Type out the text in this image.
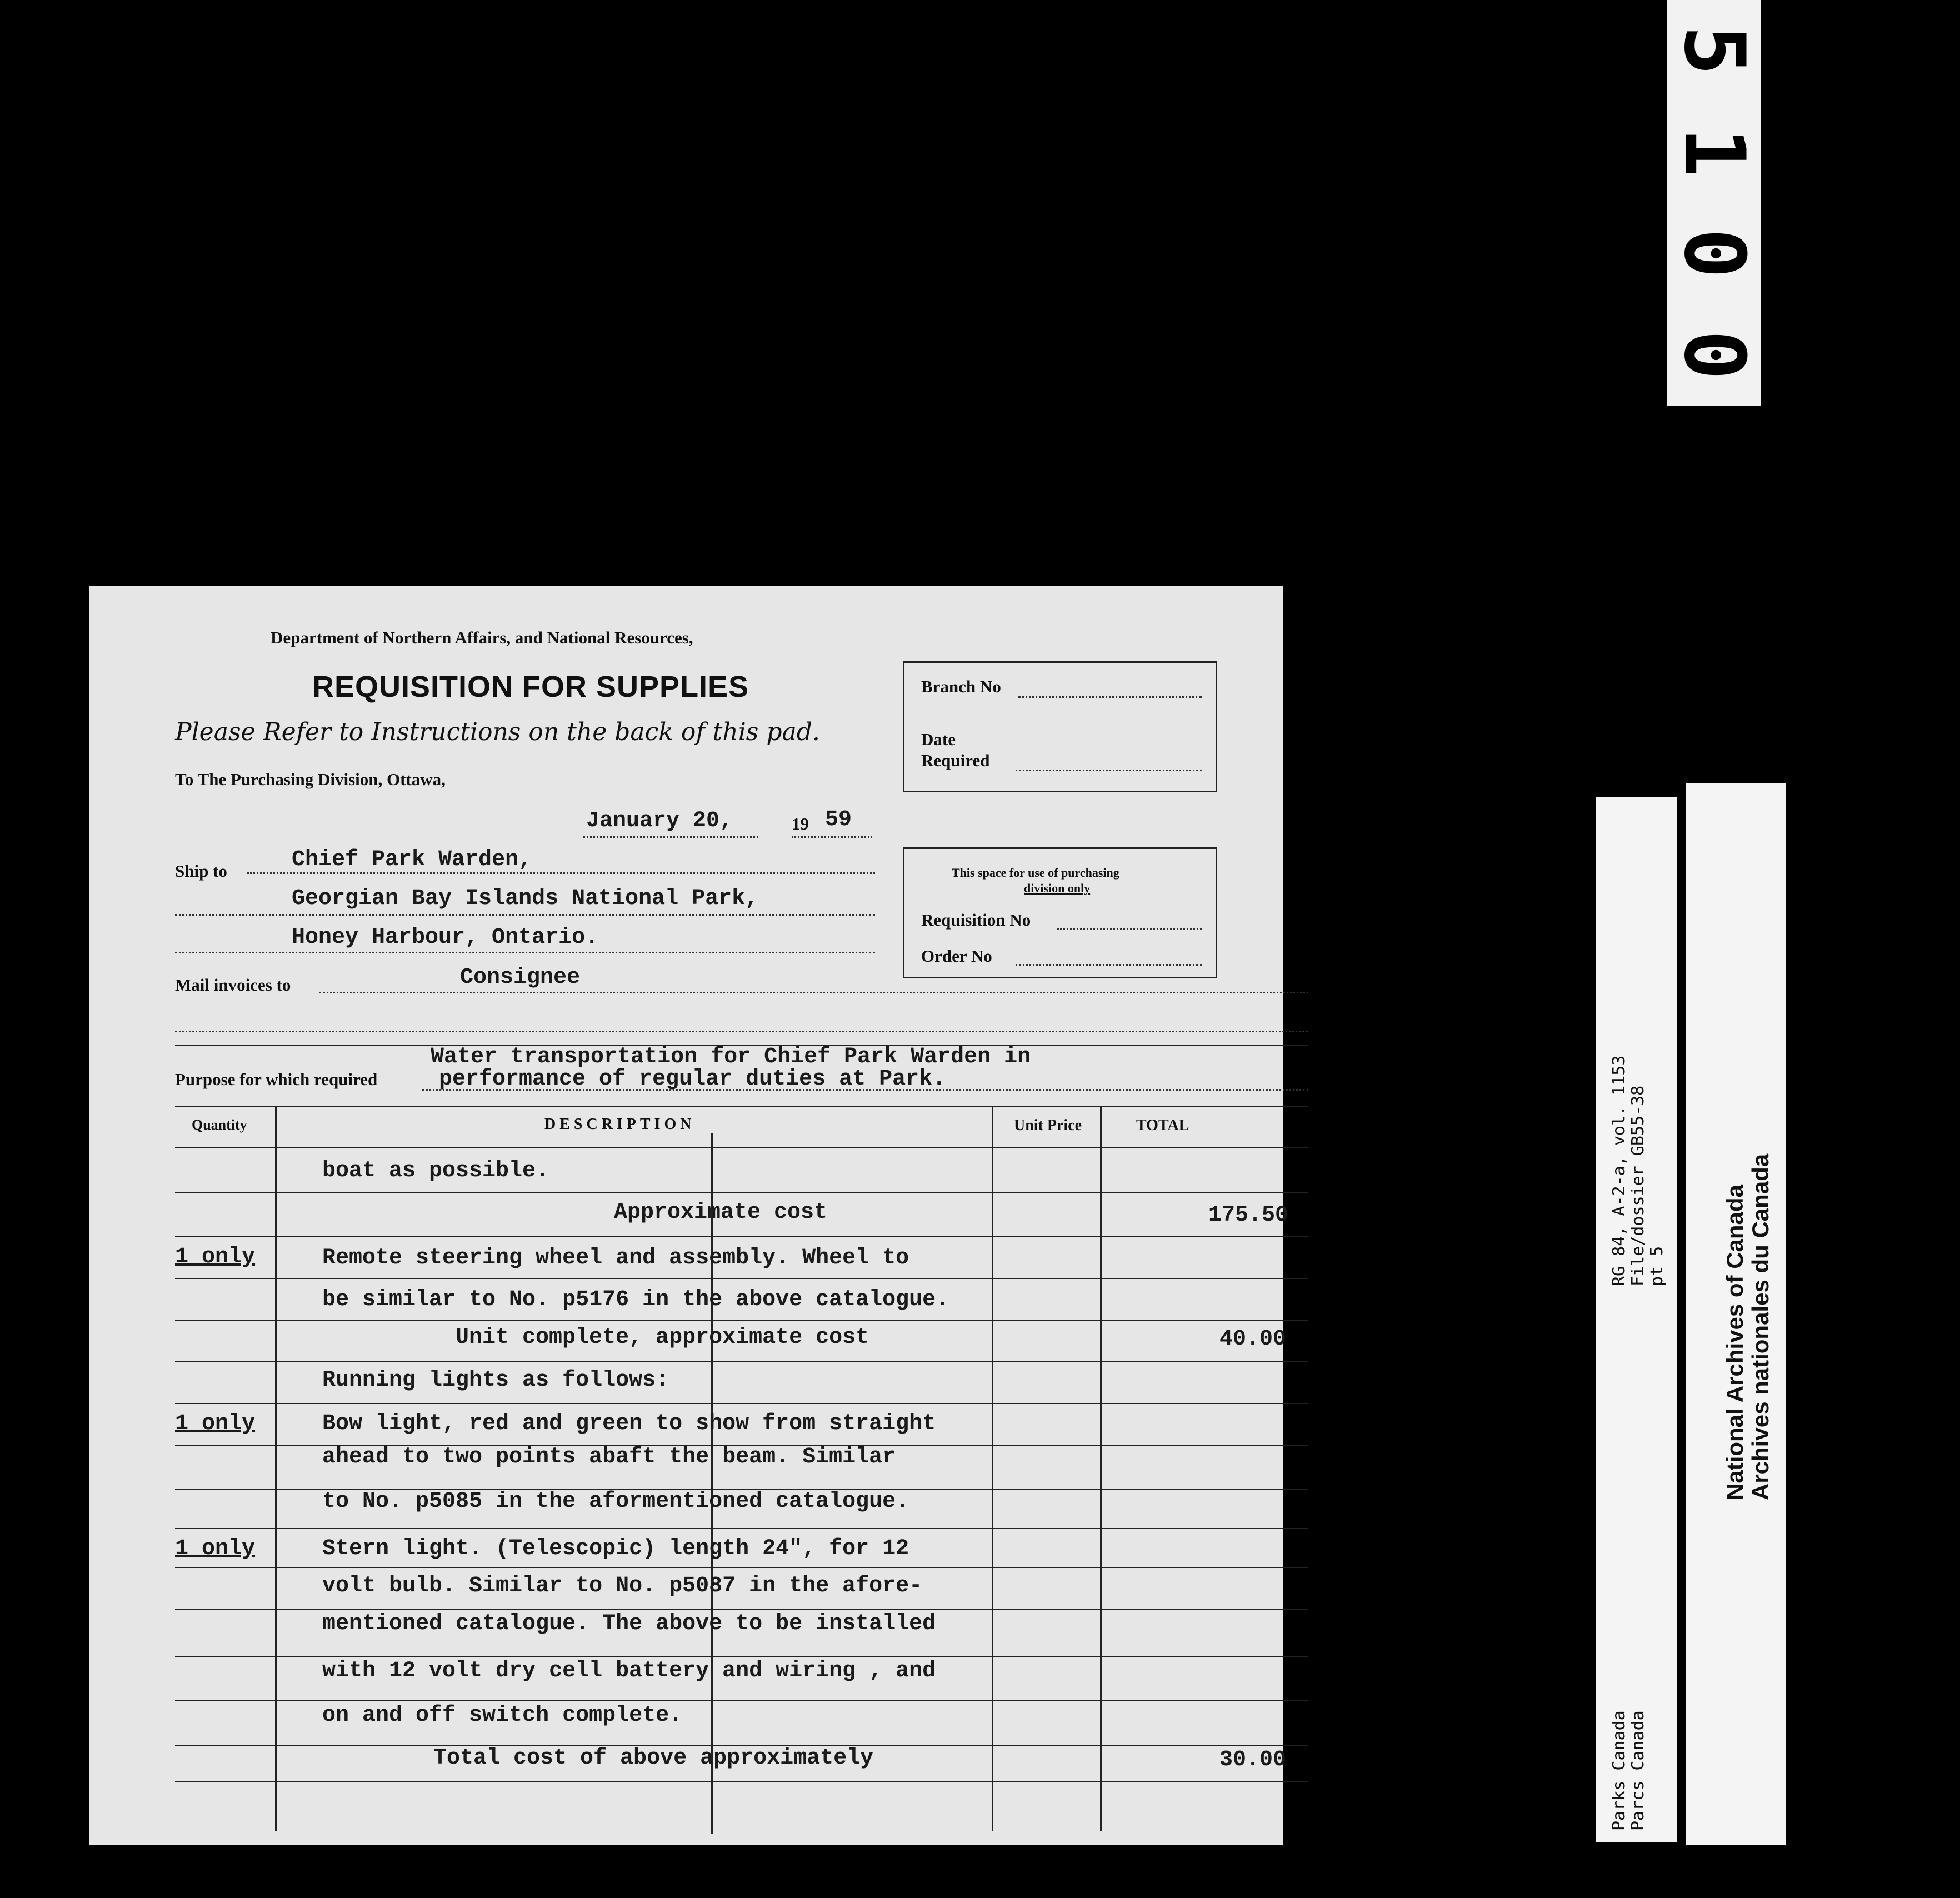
5
1
0
0
Department of Northern Affairs, and National Resources,
REQUISITION FOR SUPPLIES
Please Refer to Instructions on the back of this pad.
To The Purchasing Division, Ottawa,
January 20,	19 59
Ship to	Chief Park Warden,
Georgian Bay Islands National Park,
Honey Harbour, Ontario.
Mail invoices to	Consignee
Water transportation for Chief Park Warden in
Purpose for which required	performance of regular duties at Park.
Branch No
Date
Required
This space for use of purchasing
division only
Requisition No
Order No
Quantity	DESCRIPTION	Unit Price	TOTAL
boat as possible.
Approximate cost	175.50
1 only	Remote steering wheel and assembly. Wheel to
be similar to No. p5176 in the above catalogue.
Unit complete, approximate cost	40.00
Running lights as follows:
1 only	Bow light, red and green to show from straight
ahead to two points abaft the beam. Similar
to No. p5085 in the aformentioned catalogue.
1 only	Stern light. (Telescopic) length 24", for 12
volt bulb. Similar to No. p5087 in the afore-
mentioned catalogue. The above to be installed
with 12 volt dry cell battery and wiring , and
on and off switch complete.
Total cost of above approximately	30.00
RG 84, A-2-a, vol. 1153 File/dossier GB55-38 pt 5
Parks Canada Parcs Canada
National Archives of Canada Archives nationales du Canada
